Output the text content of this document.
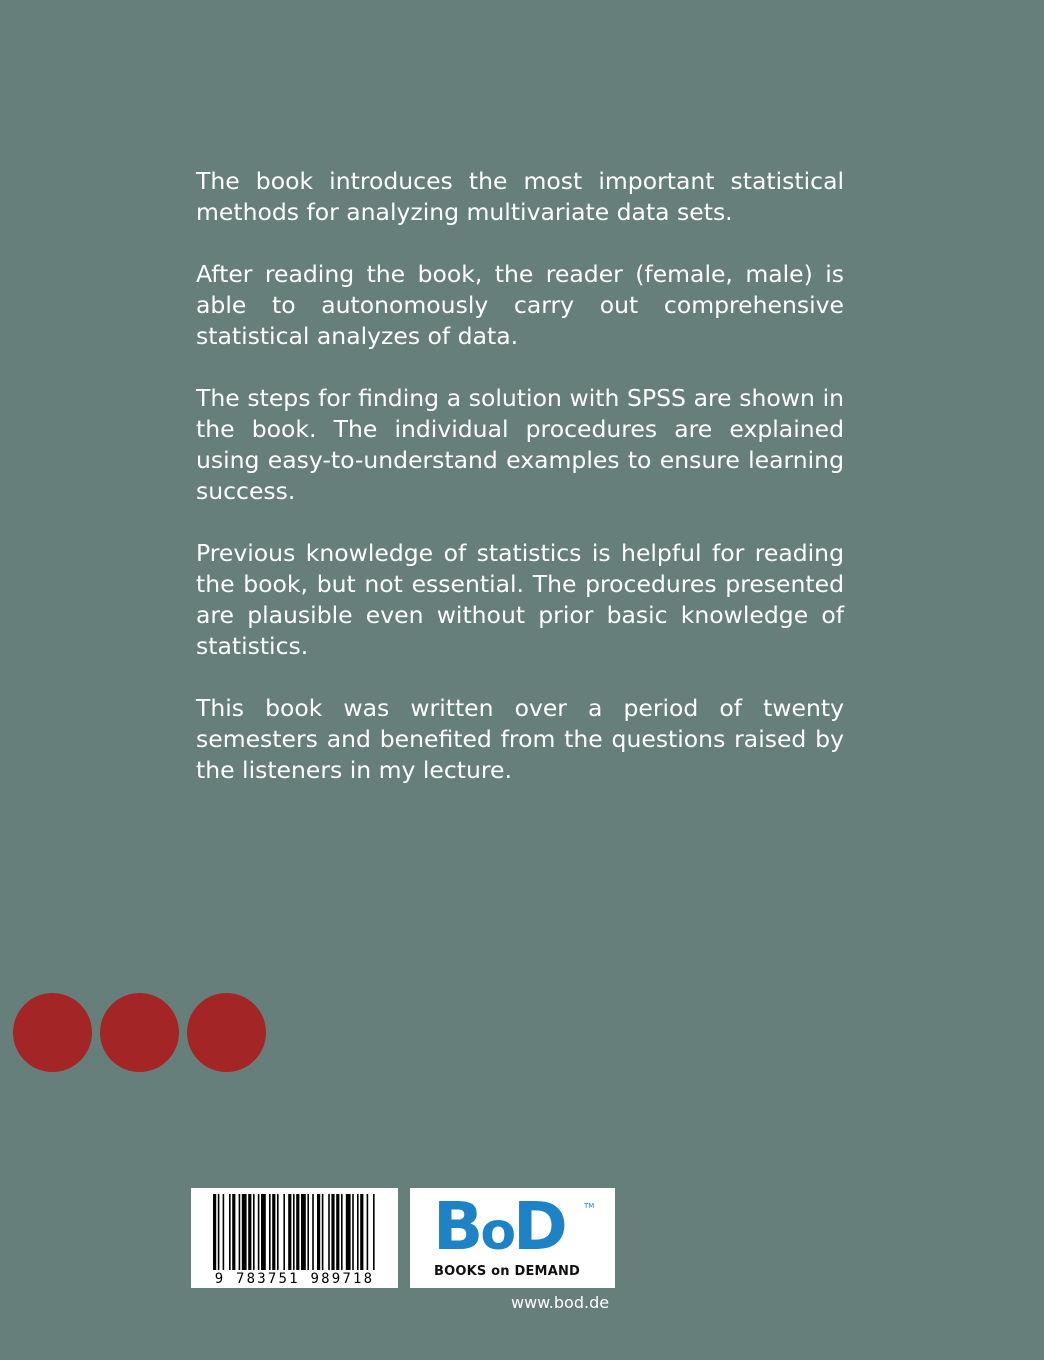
The book introduces the most important statistical methods for analyzing multivariate data sets.

After reading the book, the reader (female, male) is able to autonomously carry out comprehensive statistical analyzes of data.

The steps for finding a solution with SPSS are shown in the book. The individual procedures are explained using easy-to-understand examples to ensure learning success.

Previous knowledge of statistics is helpful for reading the book, but not essential. The procedures presented are plausible even without prior basic knowledge of statistics.

This book was written over a period of twenty semesters and benefited from the questions raised by the listeners in my lecture.

9 783751 989718
BoD	TM
BOOKS on DEMAND
www.bod.de
